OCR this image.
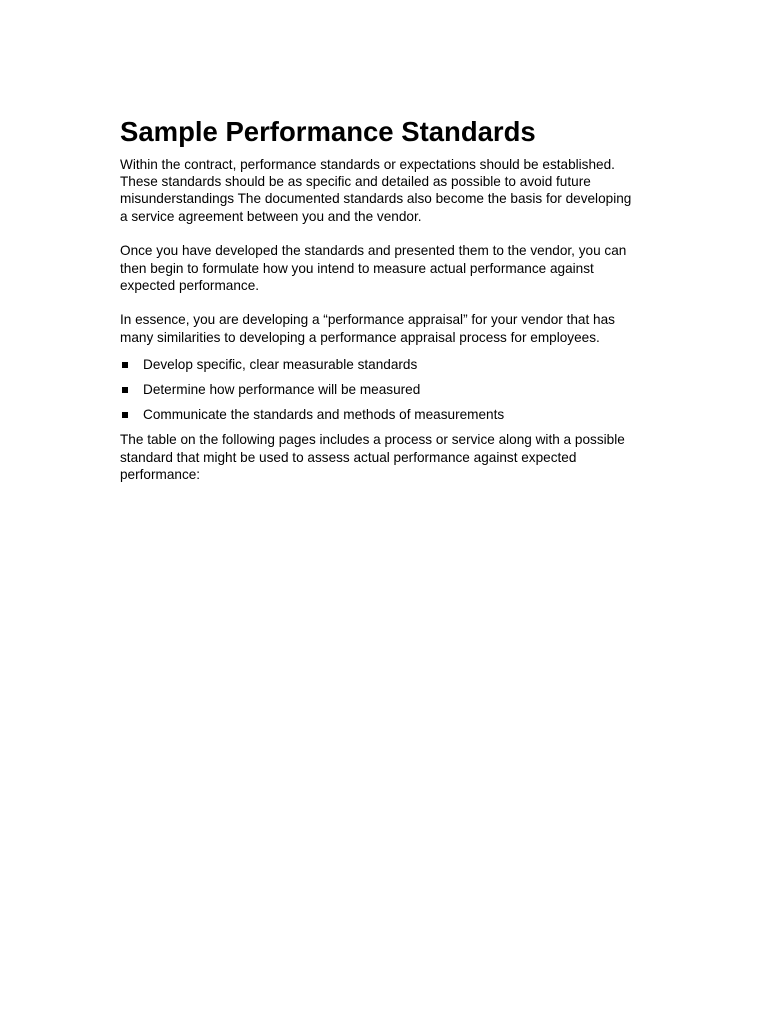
Sample Performance Standards

Within the contract, performance standards or expectations should be established.
These standards should be as specific and detailed as possible to avoid future
misunderstandings The documented standards also become the basis for developing
a service agreement between you and the vendor.

Once you have developed the standards and presented them to the vendor, you can
then begin to formulate how you intend to measure actual performance against
expected performance.

In essence, you are developing a “performance appraisal” for your vendor that has
many similarities to developing a performance appraisal process for employees.

Develop specific, clear measurable standards
Determine how performance will be measured
Communicate the standards and methods of measurements

The table on the following pages includes a process or service along with a possible
standard that might be used to assess actual performance against expected
performance:
